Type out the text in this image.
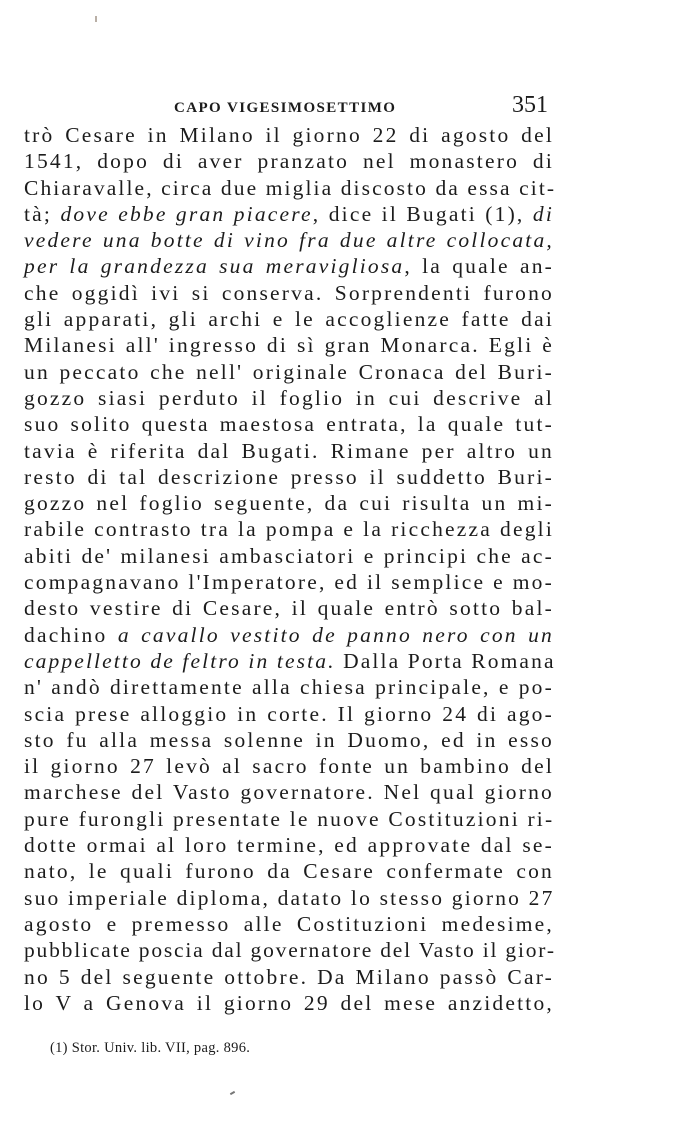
CAPO VIGESIMOSETTIMO	351
trò Cesare in Milano il giorno 22 di agosto del
1541, dopo di aver pranzato nel monastero di
Chiaravalle, circa due miglia discosto da essa cit-
tà; dove ebbe gran piacere, dice il Bugati (1), di
vedere una botte di vino fra due altre collocata,
per la grandezza sua meravigliosa, la quale an-
che oggidì ivi si conserva. Sorprendenti furono
gli apparati, gli archi e le accoglienze fatte dai
Milanesi all' ingresso di sì gran Monarca. Egli è
un peccato che nell' originale Cronaca del Buri-
gozzo siasi perduto il foglio in cui descrive al
suo solito questa maestosa entrata, la quale tut-
tavia è riferita dal Bugati. Rimane per altro un
resto di tal descrizione presso il suddetto Buri-
gozzo nel foglio seguente, da cui risulta un mi-
rabile contrasto tra la pompa e la ricchezza degli
abiti de' milanesi ambasciatori e principi che ac-
compagnavano l'Imperatore, ed il semplice e mo-
desto vestire di Cesare, il quale entrò sotto bal-
dachino a cavallo vestito de panno nero con un
cappelletto de feltro in testa. Dalla Porta Romana
n' andò direttamente alla chiesa principale, e po-
scia prese alloggio in corte. Il giorno 24 di ago-
sto fu alla messa solenne in Duomo, ed in esso
il giorno 27 levò al sacro fonte un bambino del
marchese del Vasto governatore. Nel qual giorno
pure furongli presentate le nuove Costituzioni ri-
dotte ormai al loro termine, ed approvate dal se-
nato, le quali furono da Cesare confermate con
suo imperiale diploma, datato lo stesso giorno 27
agosto e premesso alle Costituzioni medesime,
pubblicate poscia dal governatore del Vasto il gior-
no 5 del seguente ottobre. Da Milano passò Car-
lo V a Genova il giorno 29 del mese anzidetto,
(1) Stor. Univ. lib. VII, pag. 896.
